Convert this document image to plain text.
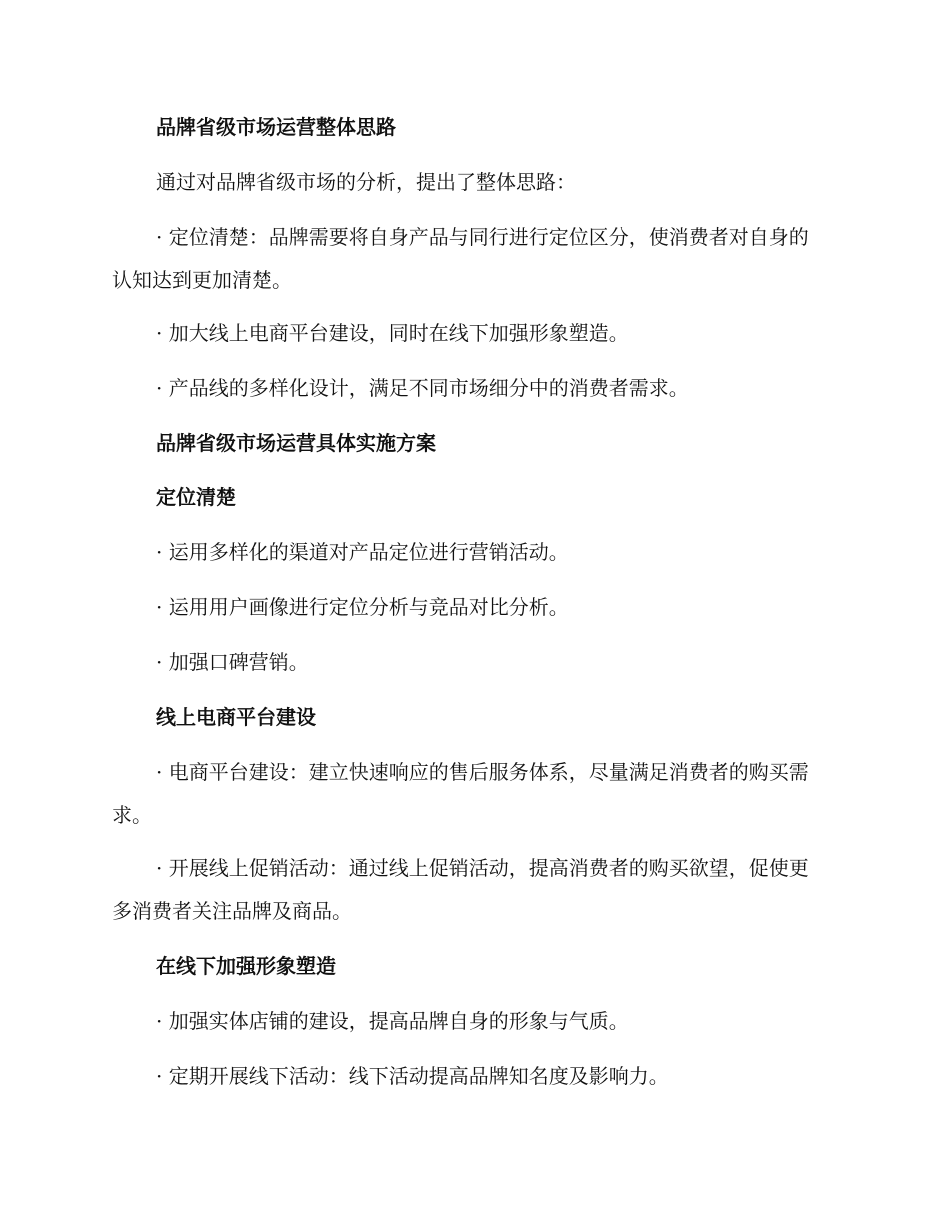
品牌省级市场运营整体思路

通过对品牌省级市场的分析，提出了整体思路：

· 定位清楚：品牌需要将自身产品与同行进行定位区分，使消费者对自身的认知达到更加清楚。

· 加大线上电商平台建设，同时在线下加强形象塑造。

· 产品线的多样化设计，满足不同市场细分中的消费者需求。

品牌省级市场运营具体实施方案

定位清楚

· 运用多样化的渠道对产品定位进行营销活动。

· 运用用户画像进行定位分析与竞品对比分析。

· 加强口碑营销。

线上电商平台建设

· 电商平台建设：建立快速响应的售后服务体系，尽量满足消费者的购买需求。

· 开展线上促销活动：通过线上促销活动，提高消费者的购买欲望，促使更多消费者关注品牌及商品。

在线下加强形象塑造

· 加强实体店铺的建设，提高品牌自身的形象与气质。

· 定期开展线下活动：线下活动提高品牌知名度及影响力。
